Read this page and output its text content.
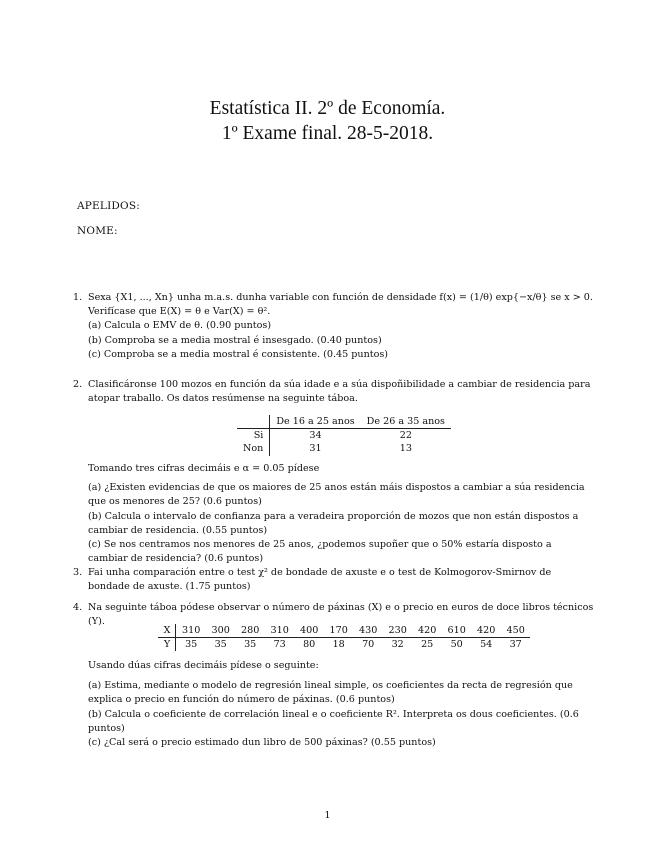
Estatística II. 2º de Economía.
1º Exame final. 28-5-2018.
APELIDOS:
NOME:
1. Sexa {X1, ..., Xn} unha m.a.s. dunha variable con función de densidade f(x) = (1/θ) exp{−x/θ} se x > 0.

Verifícase que E(X) = θ e Var(X) = θ².

(a) Calcula o EMV de θ. (0.90 puntos)

(b) Comproba se a media mostral é insesgado. (0.40 puntos)

(c) Comproba se a media mostral é consistente. (0.45 puntos)

2. Clasificáronse 100 mozos en función da súa idade e a súa dispoñibilidade a cambiar de residencia para atopar traballo. Os datos resúmense na seguinte táboa.

	De 16 a 25 anos	De 26 a 35 anos
Si	34	22
Non	31	13

Tomando tres cifras decimáis e α = 0.05 pídese

(a) ¿Existen evidencias de que os maiores de 25 anos están máis dispostos a cambiar a súa residencia que os menores de 25? (0.6 puntos)

(b) Calcula o intervalo de confianza para a veradeira proporción de mozos que non están dispostos a cambiar de residencia. (0.55 puntos)

(c) Se nos centramos nos menores de 25 anos, ¿podemos supoñer que o 50% estaría disposto a cambiar de residencia? (0.6 puntos)

3. Fai unha comparación entre o test χ² de bondade de axuste e o test de Kolmogorov-Smirnov de bondade de axuste. (1.75 puntos)

4. Na seguinte táboa pódese observar o número de páxinas (X) e o precio en euros de doce libros técnicos (Y).

X	310	300	280	310	400	170	430	230	420	610	420	450
Y	35	35	35	73	80	18	70	32	25	50	54	37

Usando dúas cifras decimáis pídese o seguinte:

(a) Estima, mediante o modelo de regresión lineal simple, os coeficientes da recta de regresión que explica o precio en función do número de páxinas. (0.6 puntos)

(b) Calcula o coeficiente de correlación lineal e o coeficiente R². Interpreta os dous coeficientes. (0.6 puntos)

(c) ¿Cal será o precio estimado dun libro de 500 páxinas? (0.55 puntos)

1
